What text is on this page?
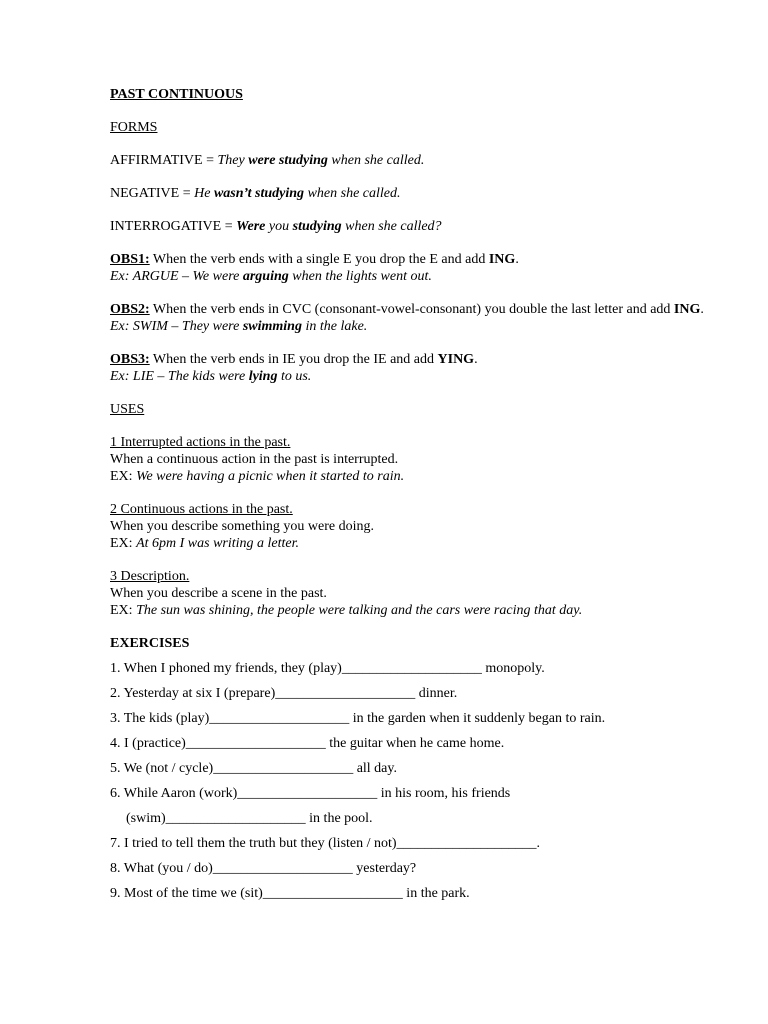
PAST CONTINUOUS

FORMS

AFFIRMATIVE = They were studying when she called.

NEGATIVE = He wasn’t studying when she called.

INTERROGATIVE = Were you studying when she called?

OBS1: When the verb ends with a single E you drop the E and add ING.

Ex: ARGUE – We were arguing when the lights went out.

OBS2: When the verb ends in CVC (consonant-vowel-consonant) you double the last letter and add ING.

Ex: SWIM – They were swimming in the lake.

OBS3: When the verb ends in IE you drop the IE and add YING.

Ex: LIE – The kids were lying to us.

USES

1 Interrupted actions in the past.

When a continuous action in the past is interrupted.

EX: We were having a picnic when it started to rain.

2 Continuous actions in the past.

When you describe something you were doing.

EX: At 6pm I was writing a letter.

3 Description.

When you describe a scene in the past.

EX: The sun was shining, the people were talking and the cars were racing that day.

EXERCISES

1. When I phoned my friends, they (play)____________________ monopoly.

2. Yesterday at six I (prepare)____________________ dinner.

3. The kids (play)____________________ in the garden when it suddenly began to rain.

4. I (practice)____________________ the guitar when he came home.

5. We (not / cycle)____________________ all day.

6. While Aaron (work)____________________ in his room, his friends

(swim)____________________ in the pool.

7. I tried to tell them the truth but they (listen / not)____________________.

8. What (you / do)____________________ yesterday?

9. Most of the time we (sit)____________________ in the park.
